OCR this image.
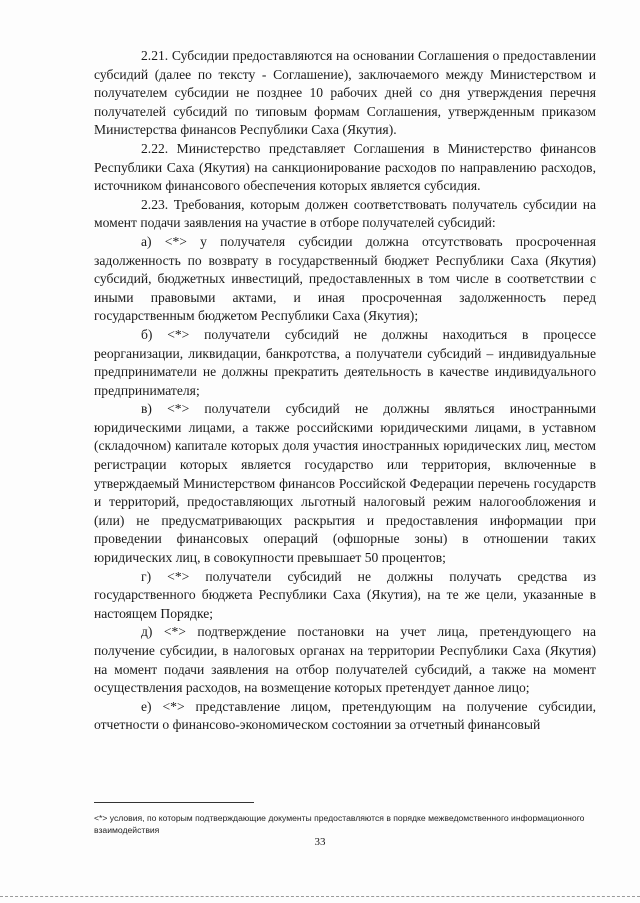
2.21. Субсидии предоставляются на основании Соглашения о предоставлении субсидий (далее по тексту - Соглашение), заключаемого между Министерством и получателем субсидии не позднее 10 рабочих дней со дня утверждения перечня получателей субсидий по типовым формам Соглашения, утвержденным приказом Министерства финансов Республики Саха (Якутия).

2.22. Министерство представляет Соглашения в Министерство финансов Республики Саха (Якутия) на санкционирование расходов по направлению расходов, источником финансового обеспечения которых является субсидия.

2.23. Требования, которым должен соответствовать получатель субсидии на момент подачи заявления на участие в отборе получателей субсидий:

а) <*> у получателя субсидии должна отсутствовать просроченная задолженность по возврату в государственный бюджет Республики Саха (Якутия) субсидий, бюджетных инвестиций, предоставленных в том числе в соответствии с иными правовыми актами, и иная просроченная задолженность перед государственным бюджетом Республики Саха (Якутия);

б) <*> получатели субсидий не должны находиться в процессе реорганизации, ликвидации, банкротства, а получатели субсидий – индивидуальные предприниматели не должны прекратить деятельность в качестве индивидуального предпринимателя;

в) <*> получатели субсидий не должны являться иностранными юридическими лицами, а также российскими юридическими лицами, в уставном (складочном) капитале которых доля участия иностранных юридических лиц, местом регистрации которых является государство или территория, включенные в утверждаемый Министерством финансов Российской Федерации перечень государств и территорий, предоставляющих льготный налоговый режим налогообложения и (или) не предусматривающих раскрытия и предоставления информации при проведении финансовых операций (офшорные зоны) в отношении таких юридических лиц, в совокупности превышает 50 процентов;

г) <*> получатели субсидий не должны получать средства из государственного бюджета Республики Саха (Якутия), на те же цели, указанные в настоящем Порядке;

д) <*> подтверждение постановки на учет лица, претендующего на получение субсидии, в налоговых органах на территории Республики Саха (Якутия) на момент подачи заявления на отбор получателей субсидий, а также на момент осуществления расходов, на возмещение которых претендует данное лицо;

е) <*> представление лицом, претендующим на получение субсидии, отчетности о финансово-экономическом состоянии за отчетный финансовый

<*> условия, по которым подтверждающие документы предоставляются в порядке межведомственного информационного взаимодействия
33
